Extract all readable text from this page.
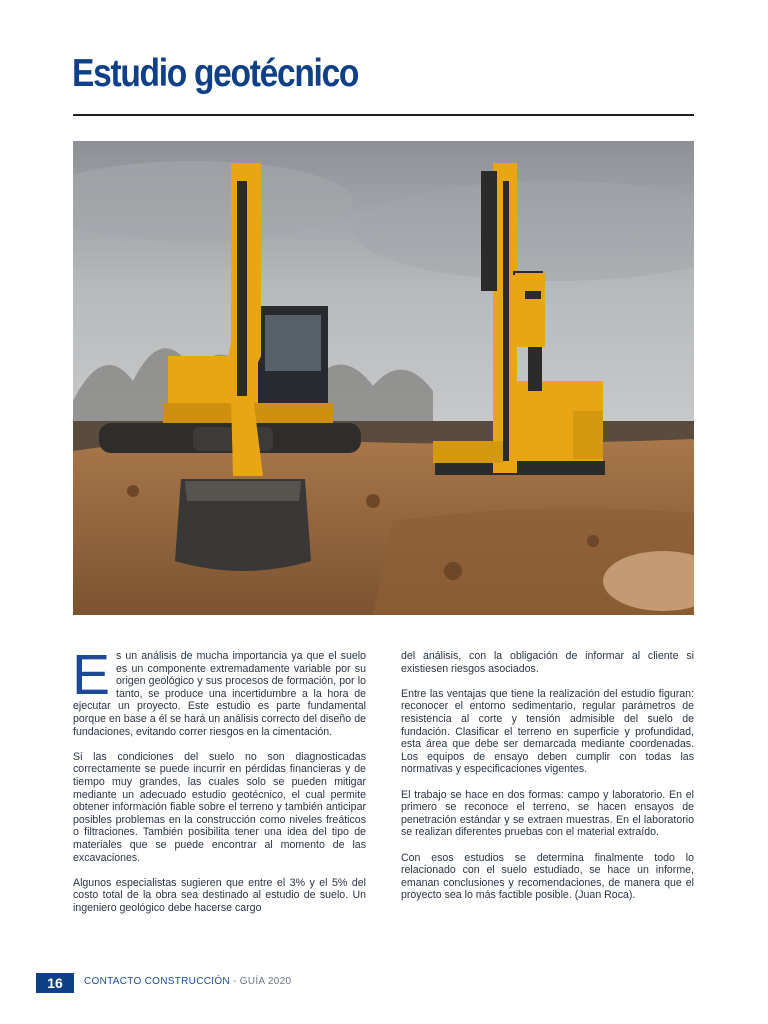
Estudio geotécnico

Es un análisis de mucha importancia ya que el suelo es un componente extremadamente variable por su origen geológico y sus procesos de formación, por lo tanto, se produce una incertidumbre a la hora de ejecutar un proyecto. Este estudio es parte fundamental porque en base a él se hará un análisis correcto del diseño de fundaciones, evitando correr riesgos en la cimentación.

Si las condiciones del suelo no son diagnosticadas correctamente se puede incurrir en pérdidas financieras y de tiempo muy grandes, las cuales solo se pueden mitigar mediante un adecuado estudio geotécnico, el cual permite obtener información fiable sobre el terreno y también anticipar posibles problemas en la construcción como niveles freáticos o filtraciones. También posibilita tener una idea del tipo de materiales que se puede encontrar al momento de las excavaciones.

Algunos especialistas sugieren que entre el 3% y el 5% del costo total de la obra sea destinado al estudio de suelo. Un ingeniero geológico debe hacerse cargo

del análisis, con la obligación de informar al cliente si existiesen riesgos asociados.

Entre las ventajas que tiene la realización del estudio figuran: reconocer el entorno sedimentario, regular parámetros de resistencia al corte y tensión admisible del suelo de fundación. Clasificar el terreno en superficie y profundidad, esta área que debe ser demarcada mediante coordenadas. Los equipos de ensayo deben cumplir con todas las normativas y especificaciones vigentes.

El trabajo se hace en dos formas: campo y laboratorio. En el primero se reconoce el terreno, se hacen ensayos de penetración estándar y se extraen muestras. En el laboratorio se realizan diferentes pruebas con el material extraído.

Con esos estudios se determina finalmente todo lo relacionado con el suelo estudiado, se hace un informe, emanan conclusiones y recomendaciones, de manera que el proyecto sea lo más factible posible. (Juan Roca).

16	CONTACTO CONSTRUCCIÓN - GUÍA 2020
